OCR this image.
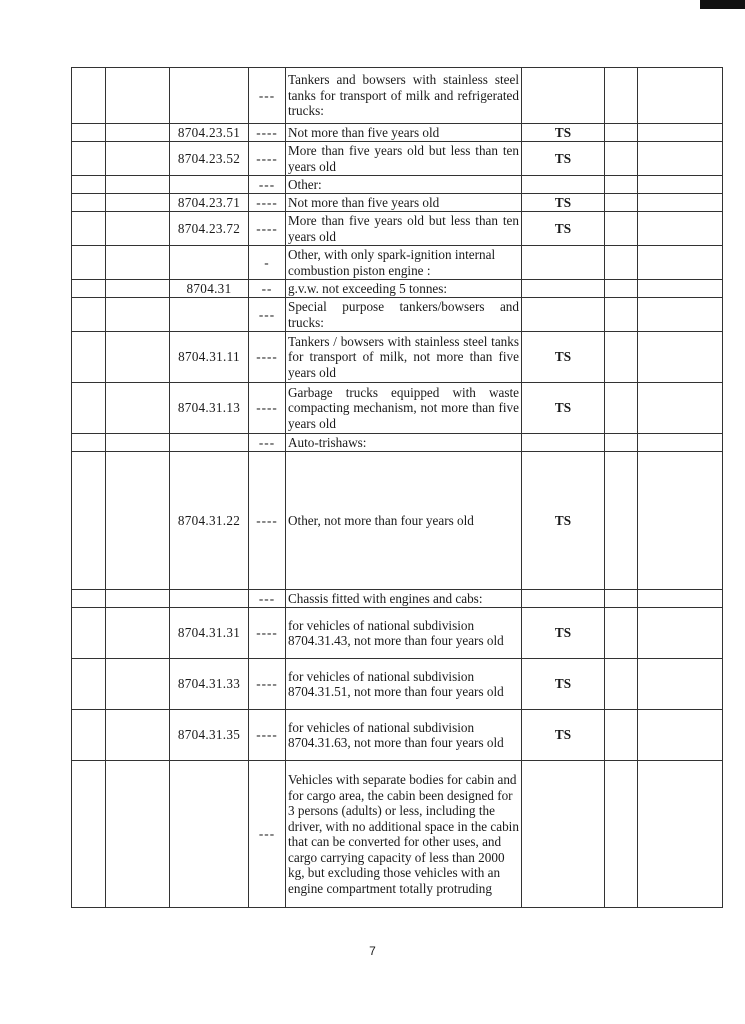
			---	Tankers and bowsers with stainless steel tanks for transport of milk and refrigerated trucks:			

		8704.23.51	----	Not more than five years old	TS		
		8704.23.52	----	More than five years old but less than ten years old	TS		
			---	Other:			

		8704.23.71	----	Not more than five years old	TS		
		8704.23.72	----	More than five years old but less than ten years old	TS		
			-	Other, with only spark-ignition internal combustion piston engine :			

		8704.31	--	g.v.w. not exceeding 5 tonnes:			

			---	Special purpose tankers/bowsers and trucks:			

		8704.31.11	----	Tankers / bowsers with stainless steel tanks for transport of milk, not more than five years old	TS		
		8704.31.13	----	Garbage trucks equipped with waste compacting mechanism, not more than five years old	TS		
			---	Auto-trishaws:			

		8704.31.22	----	Other, not more than four years old	TS		
			---	Chassis fitted with engines and cabs:			

		8704.31.31	----	for vehicles of national subdivision 8704.31.43, not more than four years old	TS		
		8704.31.33	----	for vehicles of national subdivision 8704.31.51, not more than four years old	TS		
		8704.31.35	----	for vehicles of national subdivision 8704.31.63, not more than four years old	TS		
			---	Vehicles with separate bodies for cabin and for cargo area, the cabin been designed for 3 persons (adults) or less, including the driver, with no additional space in the cabin that can be converted for other uses, and cargo carrying capacity of less than 2000 kg, but excluding those vehicles with an engine compartment totally protruding			

7
